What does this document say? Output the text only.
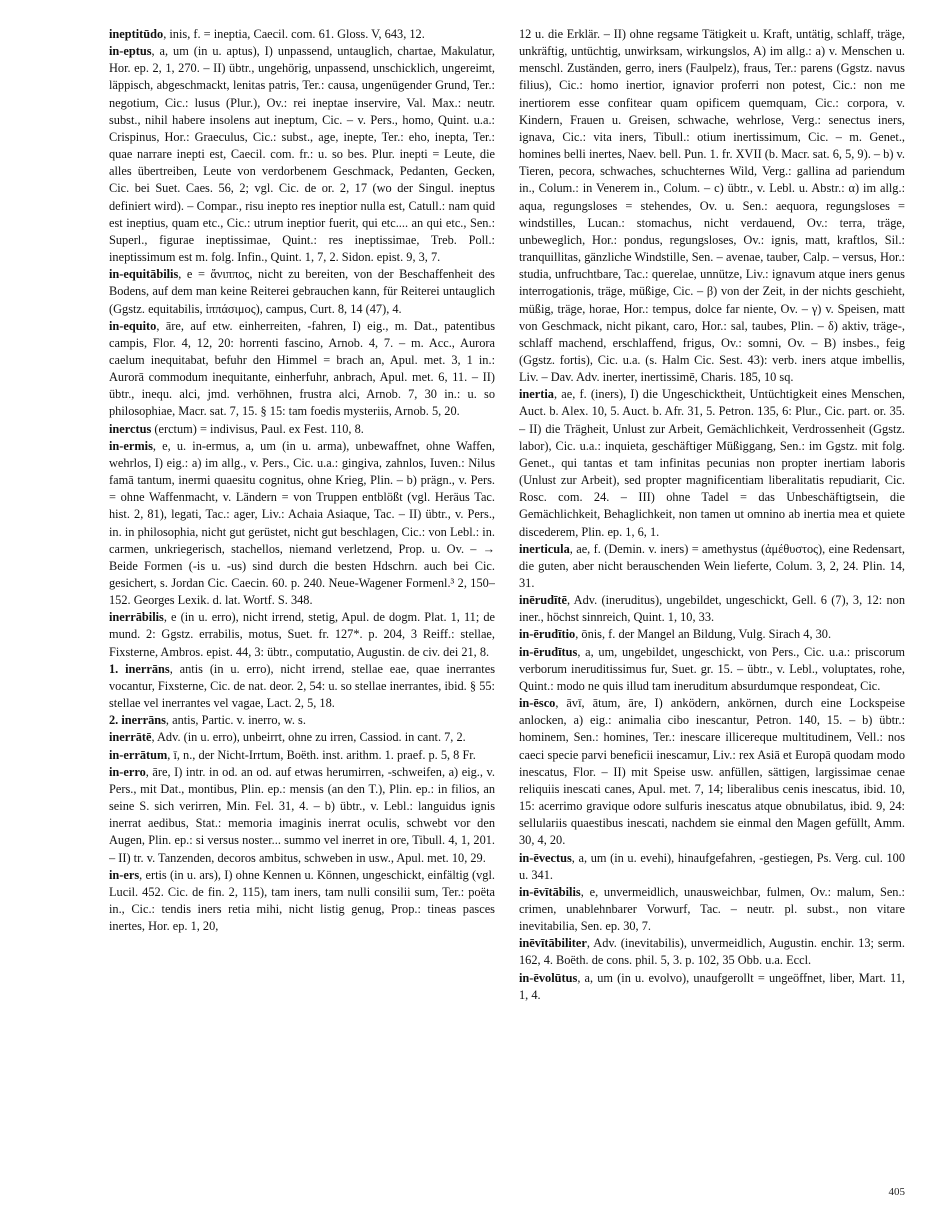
ineptitūdo, inis, f. = ineptia, Caecil. com. 61. Gloss. V, 643, 12.
in-eptus, a, um (in u. aptus), I) unpassend, untauglich, chartae, Makulatur, Hor. ep. 2, 1, 270. – II) übtr., ungehörig, unpassend, unschicklich, ungereimt, läppisch, abgeschmackt, lenitas patris, Ter.: causa, ungenügender Grund, Ter.: negotium, Cic.: lusus (Plur.), Ov.: rei ineptae inservire, Val. Max.: neutr. subst., nihil habere insolens aut ineptum, Cic. – v. Pers., homo, Quint. u.a.: Crispinus, Hor.: Graeculus, Cic.: subst., age, inepte, Ter.: eho, inepta, Ter.: quae narrare inepti est, Caecil. com. fr.: u. so bes. Plur. inepti = Leute, die alles übertreiben, Leute von verdorbenem Geschmack, Pedanten, Gecken, Cic. bei Suet. Caes. 56, 2; vgl. Cic. de or. 2, 17 (wo der Singul. ineptus definiert wird). – Compar., risu inepto res ineptior nulla est, Catull.: nam quid est ineptius, quam etc., Cic.: utrum ineptior fuerit, qui etc.... an qui etc., Sen.: Superl., figurae ineptissimae, Quint.: res ineptissimae, Treb. Poll.: ineptissimum est m. folg. Infin., Quint. 1, 7, 2. Sidon. epist. 9, 3, 7.
in-equitābilis, e = ἄνιππος, nicht zu bereiten, von der Beschaffenheit des Bodens, auf dem man keine Reiterei gebrauchen kann, für Reiterei untauglich (Ggstz. equitabilis, ἱππάσιμος), campus, Curt. 8, 14 (47), 4.
in-equito, āre, auf etw. einherreiten, -fahren, I) eig., m. Dat., patentibus campis, Flor. 4, 12, 20: horrenti fascino, Arnob. 4, 7. – m. Acc., Aurora caelum inequitabat, befuhr den Himmel = brach an, Apul. met. 3, 1 in.: Aurorā commodum inequitante, einherfuhr, anbrach, Apul. met. 6, 11. – II) übtr., inequ. alci, jmd. verhöhnen, frustra alci, Arnob. 7, 30 in.: u. so philosophiae, Macr. sat. 7, 15. § 15: tam foedis mysteriis, Arnob. 5, 20.
inerctus (erctum) = indivisus, Paul. ex Fest. 110, 8.
in-ermis, e, u. in-ermus, a, um (in u. arma), unbewaffnet, ohne Waffen, wehrlos, I) eig.: a) im allg., v. Pers., Cic. u.a.: gingiva, zahnlos, Iuven.: Nilus famā tantum, inermi quaesitu cognitus, ohne Krieg, Plin. – b) prägn., v. Pers. = ohne Waffenmacht, v. Ländern = von Truppen entblößt (vgl. Heräus Tac. hist. 2, 81), legati, Tac.: ager, Liv.: Achaia Asiaque, Tac. – II) übtr., v. Pers., in. in philosophia, nicht gut gerüstet, nicht gut beschlagen, Cic.: von Lebl.: in. carmen, unkriegerisch, stachellos, niemand verletzend, Prop. u. Ov. – → Beide Formen (-is u. -us) sind durch die besten Hdschrn. auch bei Cic. gesichert, s. Jordan Cic. Caecin. 60. p. 240. Neue-Wagener Formenl.³ 2, 150–152. Georges Lexik. d. lat. Wortf. S. 348.
inerrābilis, e (in u. erro), nicht irrend, stetig, Apul. de dogm. Plat. 1, 11; de mund. 2: Ggstz. errabilis, motus, Suet. fr. 127*. p. 204, 3 Reiff.: stellae, Fixsterne, Ambros. epist. 44, 3: übtr., computatio, Augustin. de civ. dei 21, 8.
1. inerrāns, antis (in u. erro), nicht irrend, stellae eae, quae inerrantes vocantur, Fixsterne, Cic. de nat. deor. 2, 54: u. so stellae inerrantes, ibid. § 55: stellae vel inerrantes vel vagae, Lact. 2, 5, 18.
2. inerrāns, antis, Partic. v. inerro, w. s.
inerrātē, Adv. (in u. erro), unbeirrt, ohne zu irren, Cassiod. in cant. 7, 2.
in-errātum, ī, n., der Nicht-Irrtum, Boëth. inst. arithm. 1. praef. p. 5, 8 Fr.
in-erro, āre, I) intr. in od. an od. auf etwas herumirren, -schweifen, a) eig., v. Pers., mit Dat., montibus, Plin. ep.: mensis (an den T.), Plin. ep.: in filios, an seine S. sich verirren, Min. Fel. 31, 4. – b) übtr., v. Lebl.: languidus ignis inerrat aedibus, Stat.: memoria imaginis inerrat oculis, schwebt vor den Augen, Plin. ep.: si versus noster... summo vel inerret in ore, Tibull. 4, 1, 201. – II) tr. v. Tanzenden, decoros ambitus, schweben in usw., Apul. met. 10, 29.
in-ers, ertis (in u. ars), I) ohne Kennen u. Können, ungeschickt, einfältig (vgl. Lucil. 452. Cic. de fin. 2, 115), tam iners, tam nulli consilii sum, Ter.: poëta in., Cic.: tendis iners retia mihi, nicht listig genug, Prop.: tineas pasces inertes, Hor. ep. 1, 20,
12 u. die Erklär. – II) ohne regsame Tätigkeit u. Kraft, untätig, schlaff, träge, unkräftig, untüchtig, unwirksam, wirkungslos, A) im allg.: a) v. Menschen u. menschl. Zuständen, gerro, iners (Faulpelz), fraus, Ter.: parens (Ggstz. navus filius), Cic.: homo inertior, ignavior proferri non potest, Cic.: non me inertiorem esse confitear quam opificem quemquam, Cic.: corpora, v. Kindern, Frauen u. Greisen, schwache, wehrlose, Verg.: senectus iners, ignava, Cic.: vita iners, Tibull.: otium inertissimum, Cic. – m. Genet., homines belli inertes, Naev. bell. Pun. 1. fr. XVII (b. Macr. sat. 6, 5, 9). – b) v. Tieren, pecora, schwaches, schuchternes Wild, Verg.: gallina ad pariendum in., Colum.: in Venerem in., Colum. – c) übtr., v. Lebl. u. Abstr.: α) im allg.: aqua, regungsloses = stehendes, Ov. u. Sen.: aequora, regungsloses = windstilles, Lucan.: stomachus, nicht verdauend, Ov.: terra, träge, unbeweglich, Hor.: pondus, regungsloses, Ov.: ignis, matt, kraftlos, Sil.: tranquillitas, gänzliche Windstille, Sen. – avenae, tauber, Calp. – versus, Hor.: studia, unfruchtbare, Tac.: querelae, unnütze, Liv.: ignavum atque iners genus interrogationis, träge, müßige, Cic. – β) von der Zeit, in der nichts geschieht, müßig, träge, horae, Hor.: tempus, dolce far niente, Ov. – γ) v. Speisen, matt von Geschmack, nicht pikant, caro, Hor.: sal, taubes, Plin. – δ) aktiv, träge-, schlaff machend, erschlaffend, frigus, Ov.: somni, Ov. – B) insbes., feig (Ggstz. fortis), Cic. u.a. (s. Halm Cic. Sest. 43): verb. iners atque imbellis, Liv. – Dav. Adv. inerter, inertissimē, Charis. 185, 10 sq.
inertia, ae, f. (iners), I) die Ungeschicktheit, Untüchtigkeit eines Menschen, Auct. b. Alex. 10, 5. Auct. b. Afr. 31, 5. Petron. 135, 6: Plur., Cic. part. or. 35. – II) die Trägheit, Unlust zur Arbeit, Gemächlichkeit, Verdrossenheit (Ggstz. labor), Cic. u.a.: inquieta, geschäftiger Müßiggang, Sen.: im Ggstz. mit folg. Genet., qui tantas et tam infinitas pecunias non propter inertiam laboris (Unlust zur Arbeit), sed propter magnificentiam liberalitatis repudiarit, Cic. Rosc. com. 24. – III) ohne Tadel = das Unbeschäftigtsein, die Gemächlichkeit, Behaglichkeit, non tamen ut omnino ab inertia mea et quiete discederem, Plin. ep. 1, 6, 1.
inerticula, ae, f. (Demin. v. iners) = amethystus (ἀμέθυστος), eine Redensart, die guten, aber nicht berauschenden Wein lieferte, Colum. 3, 2, 24. Plin. 14, 31.
inērudītē, Adv. (ineruditus), ungebildet, ungeschickt, Gell. 6 (7), 3, 12: non iner., höchst sinnreich, Quint. 1, 10, 33.
in-ērudītio, ōnis, f. der Mangel an Bildung, Vulg. Sirach 4, 30.
in-ērudītus, a, um, ungebildet, ungeschickt, von Pers., Cic. u.a.: priscorum verborum ineruditissimus fur, Suet. gr. 15. – übtr., v. Lebl., voluptates, rohe, Quint.: modo ne quis illud tam ineruditum absurdumque respondeat, Cic.
in-ēsco, āvī, ātum, āre, I) anködern, ankörnen, durch eine Lockspeise anlocken, a) eig.: animalia cibo inescantur, Petron. 140, 15. – b) übtr.: hominem, Sen.: homines, Ter.: inescare illicereque multitudinem, Vell.: nos caeci specie parvi beneficii inescamur, Liv.: rex Asiā et Europā quodam modo inescatus, Flor. – II) mit Speise usw. anfüllen, sättigen, largissimae cenae reliquiis inescati canes, Apul. met. 7, 14; liberalibus cenis inescatus, ibid. 10, 15: acerrimo gravique odore sulfuris inescatus atque obnubilatus, ibid. 9, 24: sellulariis quaestibus inescati, nachdem sie einmal den Magen gefüllt, Amm. 30, 4, 20.
in-ēvectus, a, um (in u. evehi), hinaufgefahren, -gestiegen, Ps. Verg. cul. 100 u. 341.
in-ēvītābilis, e, unvermeidlich, unausweichbar, fulmen, Ov.: malum, Sen.: crimen, unablehnbarer Vorwurf, Tac. – neutr. pl. subst., non vitare inevitabilia, Sen. ep. 30, 7.
inēvītābiliter, Adv. (inevitabilis), unvermeidlich, Augustin. enchir. 13; serm. 162, 4. Boëth. de cons. phil. 5, 3. p. 102, 35 Obb. u.a. Eccl.
in-ēvolūtus, a, um (in u. evolvo), unaufgerollt = ungeöffnet, liber, Mart. 11, 1, 4.
405
